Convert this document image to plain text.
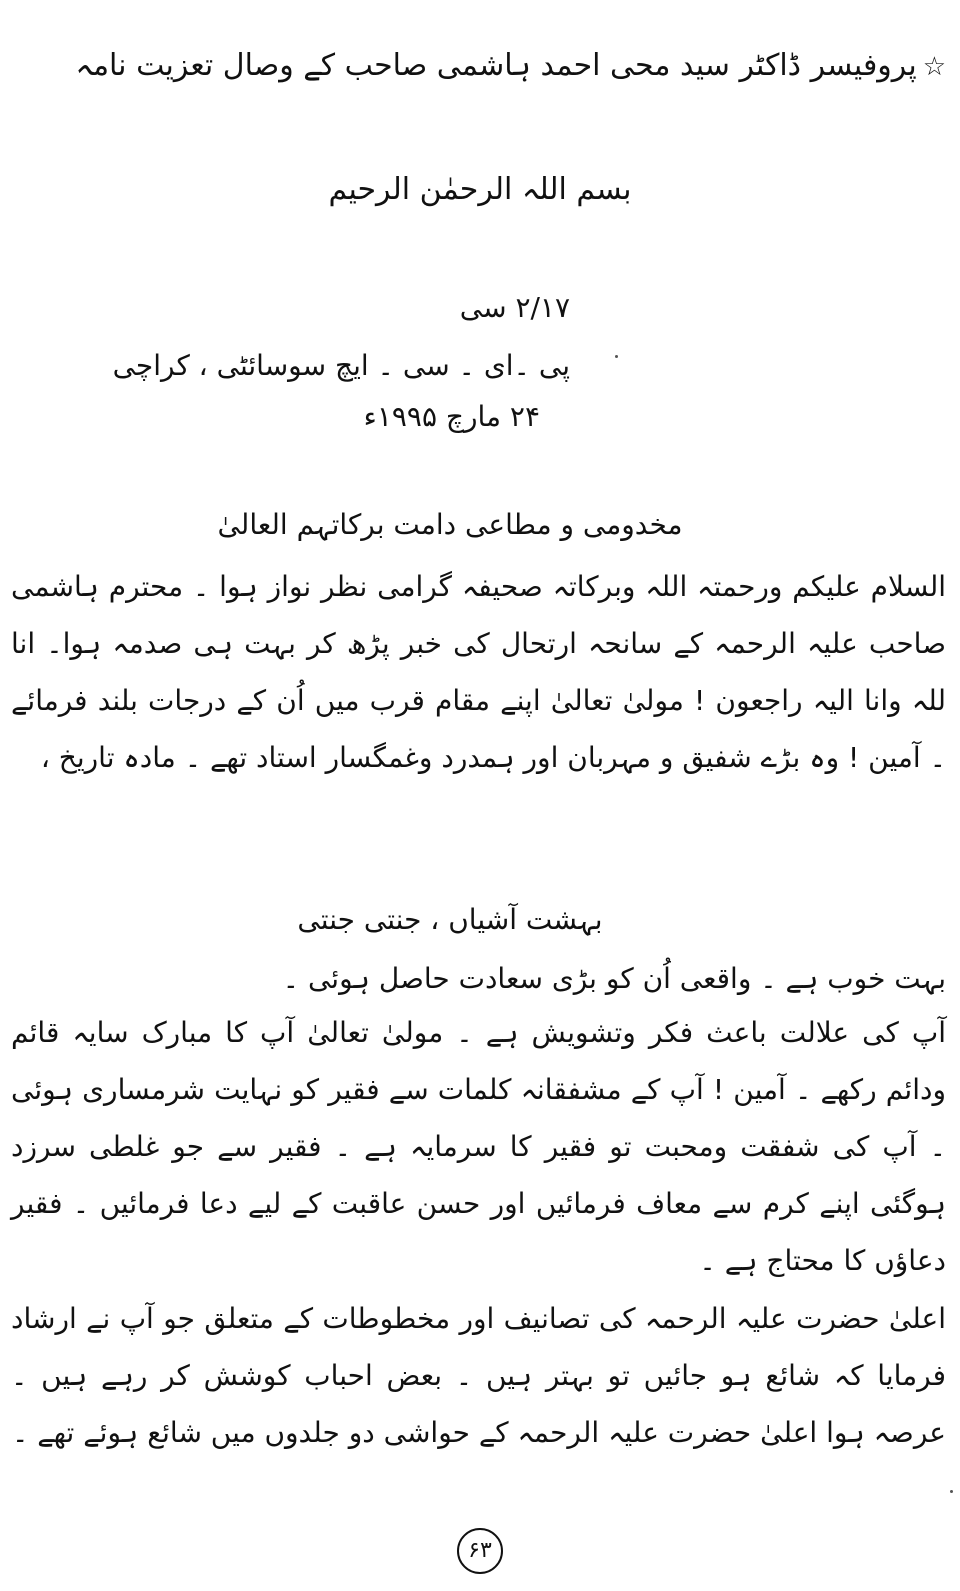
☆پروفیسر ڈاکٹر سید محی احمد ہاشمی صاحب کے وصال تعزیت نامہ
بسم اللہ الرحمٰن الرحیم
۲/۱۷ سی
پی ۔ای ۔ سی ۔ ایچ سوسائٹی ، کراچی
۲۴ مارچ ۱۹۹۵ء
مخدومی و مطاعی دامت برکاتہم العالیٰ
السلام علیکم ورحمتہ اللہ وبرکاتہ صحیفہ گرامی نظر نواز ہوا ۔ محترم ہاشمی صاحب علیہ الرحمہ کے سانحہ ارتحال کی خبر پڑھ کر بہت ہی صدمہ ہوا۔ انا للہ وانا الیہ راجعون ! مولیٰ تعالیٰ اپنے مقام قرب میں اُن کے درجات بلند فرمائے ۔ آمین ! وہ بڑے شفیق و مہربان اور ہمدرد وغمگسار استاد تھے ۔ مادہ تاریخ ،
بہشت آشیاں ، جنتی جنتی
بہت خوب ہے ۔ واقعی اُن کو بڑی سعادت حاصل ہوئی ۔
آپ کی علالت باعث فکر وتشویش ہے ۔ مولیٰ تعالیٰ آپ کا مبارک سایہ قائم ودائم رکھے ۔ آمین ! آپ کے مشفقانہ کلمات سے فقیر کو نہایت شرمساری ہوئی ۔ آپ کی شفقت ومحبت تو فقیر کا سرمایہ ہے ۔ فقیر سے جو غلطی سرزد ہوگئی اپنے کرم سے معاف فرمائیں اور حسن عاقبت کے لیے دعا فرمائیں ۔ فقیر دعاؤں کا محتاج ہے ۔
اعلیٰ حضرت علیہ الرحمہ کی تصانیف اور مخطوطات کے متعلق جو آپ نے ارشاد فرمایا کہ شائع ہو جائیں تو بہتر ہیں ۔ بعض احباب کوشش کر رہے ہیں ۔ عرصہ ہوا اعلیٰ حضرت علیہ الرحمہ کے حواشی دو جلدوں میں شائع ہوئے تھے ۔
۶۳
